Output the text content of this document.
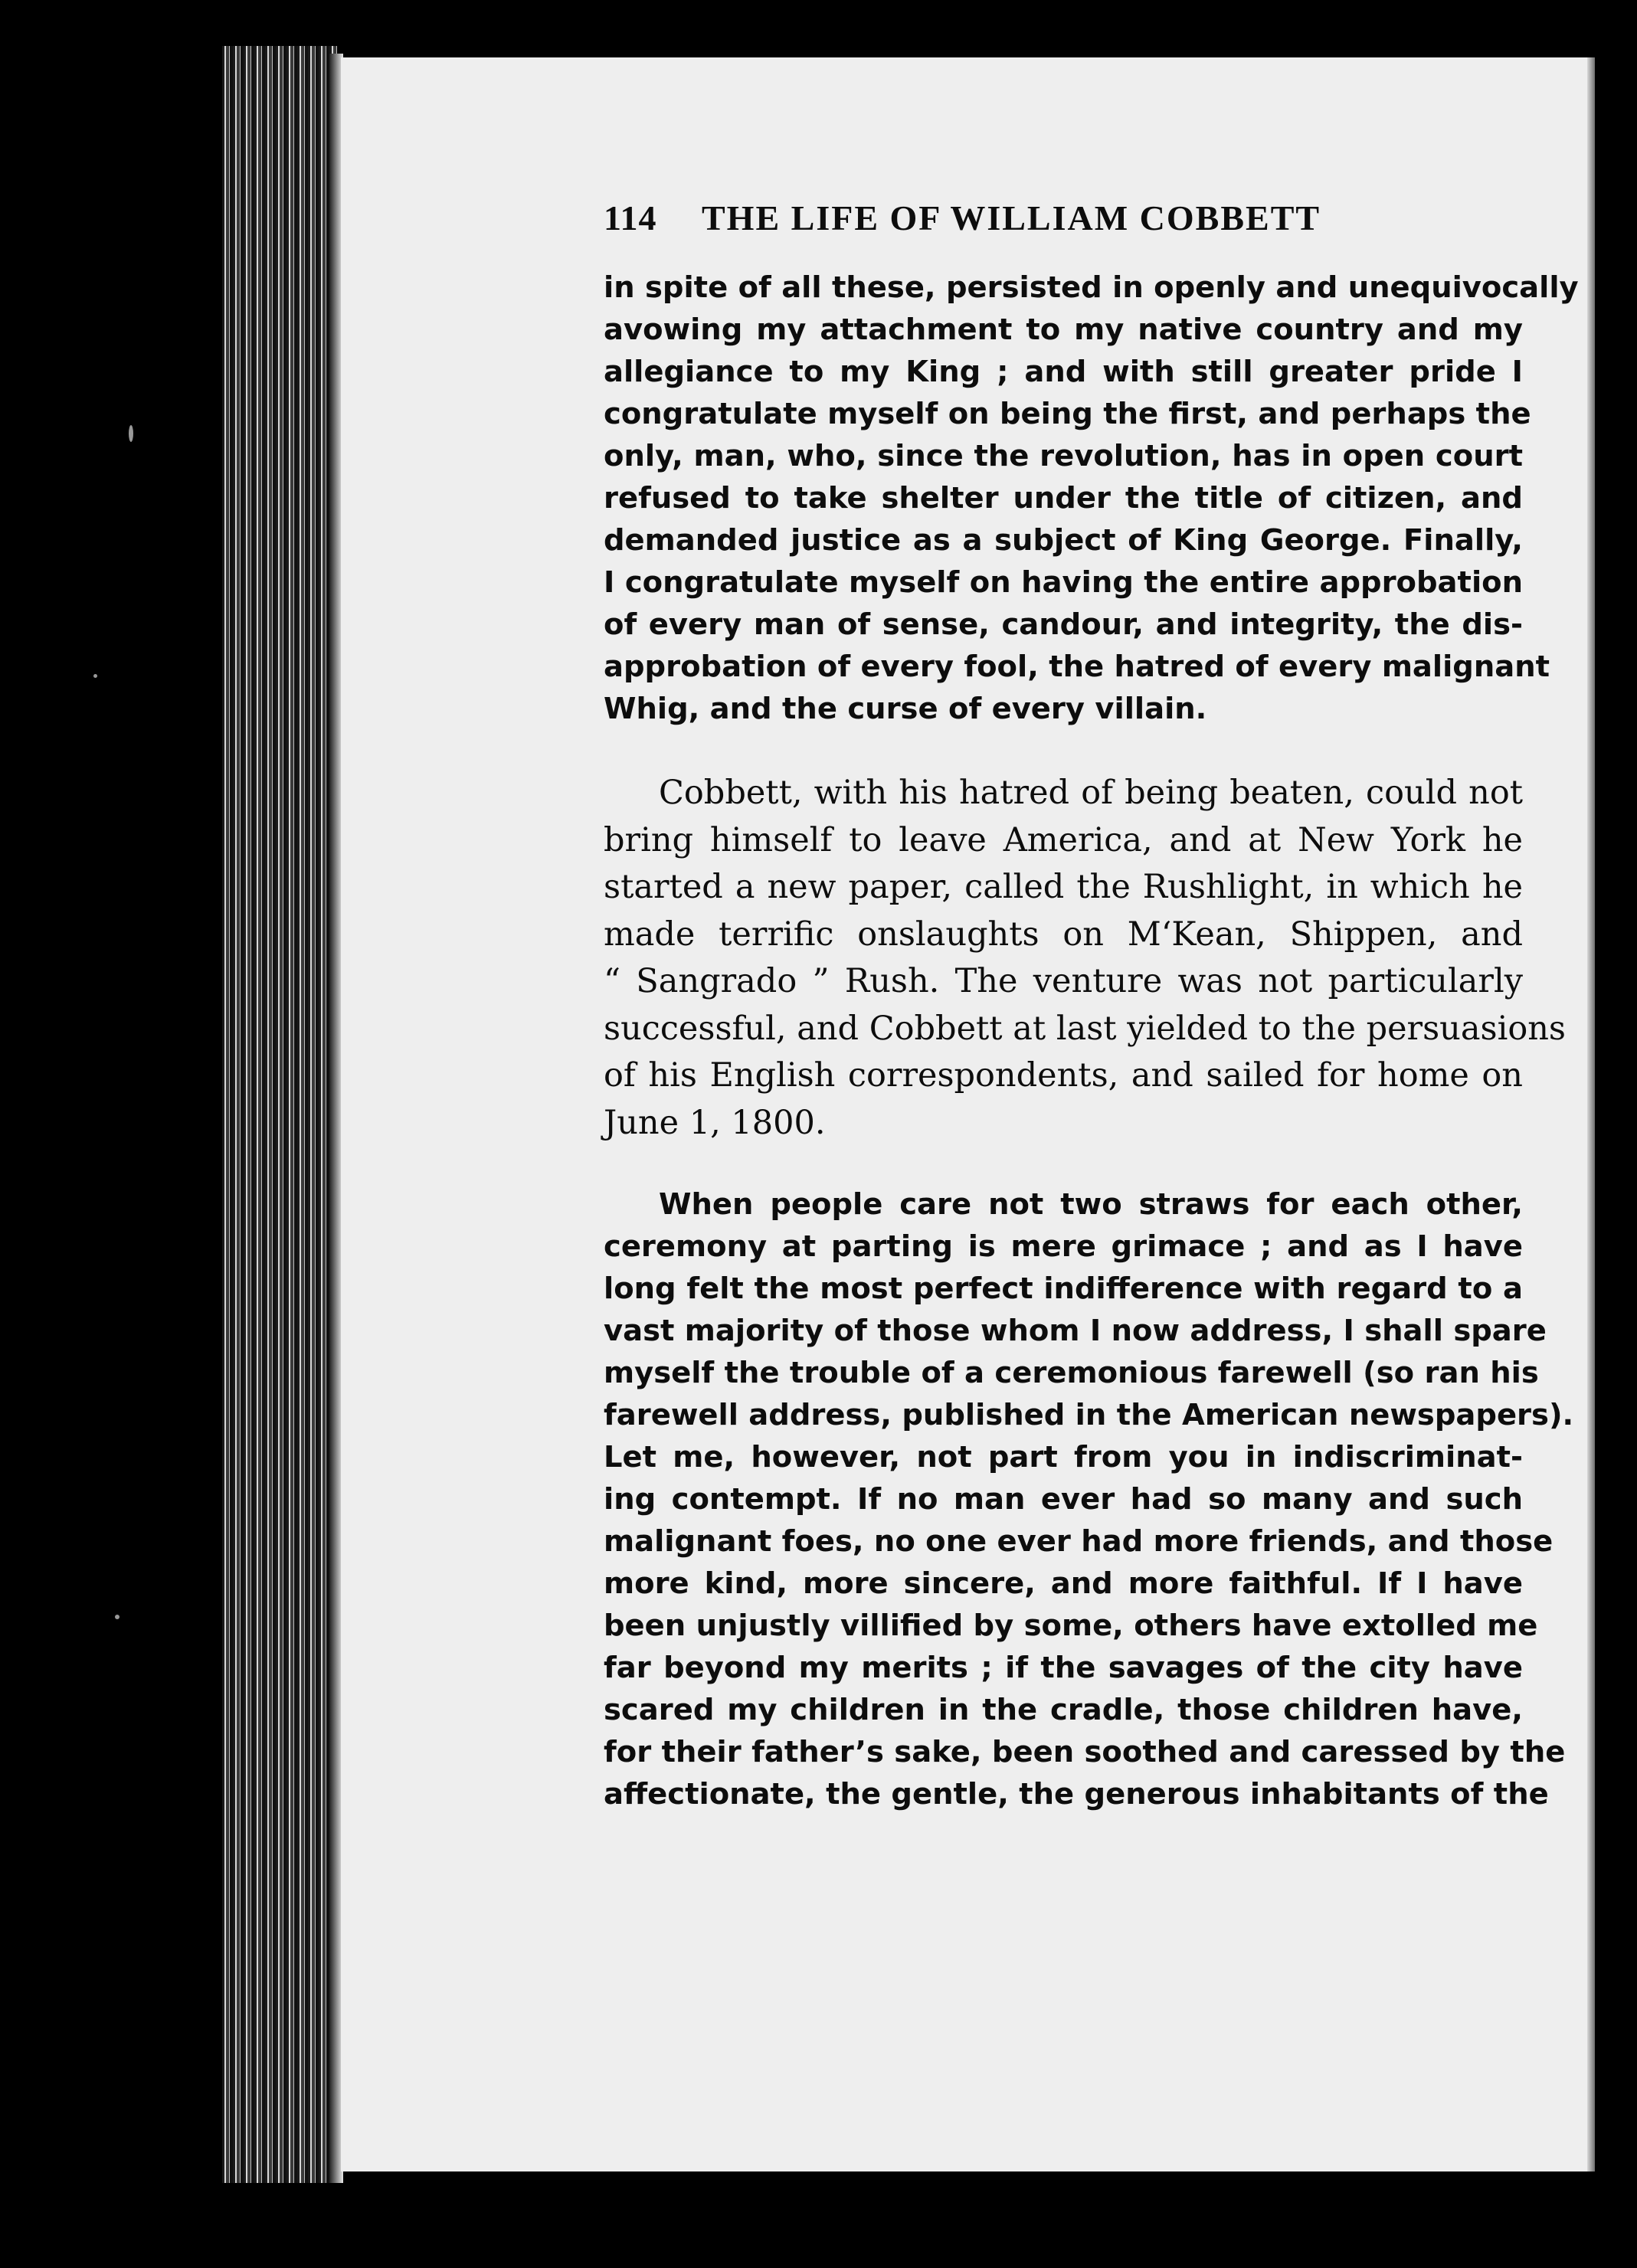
114 THE LIFE OF WILLIAM COBBETT
in spite of all these, persisted in openly and unequivocally
avowing my attachment to my native country and my
allegiance to my King ; and with still greater pride I
congratulate myself on being the first, and perhaps the
only, man, who, since the revolution, has in open court
refused to take shelter under the title of citizen, and
demanded justice as a subject of King George. Finally,
I congratulate myself on having the entire approbation
of every man of sense, candour, and integrity, the dis-
approbation of every fool, the hatred of every malignant
Whig, and the curse of every villain.
Cobbett, with his hatred of being beaten, could not
bring himself to leave America, and at New York he
started a new paper, called the Rushlight, in which he
made terrific onslaughts on M‘Kean, Shippen, and
“ Sangrado ” Rush. The venture was not particularly
successful, and Cobbett at last yielded to the persuasions
of his English correspondents, and sailed for home on
June 1, 1800.
When people care not two straws for each other,
ceremony at parting is mere grimace ; and as I have
long felt the most perfect indifference with regard to a
vast majority of those whom I now address, I shall spare
myself the trouble of a ceremonious farewell (so ran his
farewell address, published in the American newspapers).
Let me, however, not part from you in indiscriminat-
ing contempt. If no man ever had so many and such
malignant foes, no one ever had more friends, and those
more kind, more sincere, and more faithful. If I have
been unjustly villified by some, others have extolled me
far beyond my merits ; if the savages of the city have
scared my children in the cradle, those children have,
for their father’s sake, been soothed and caressed by the
affectionate, the gentle, the generous inhabitants of the
